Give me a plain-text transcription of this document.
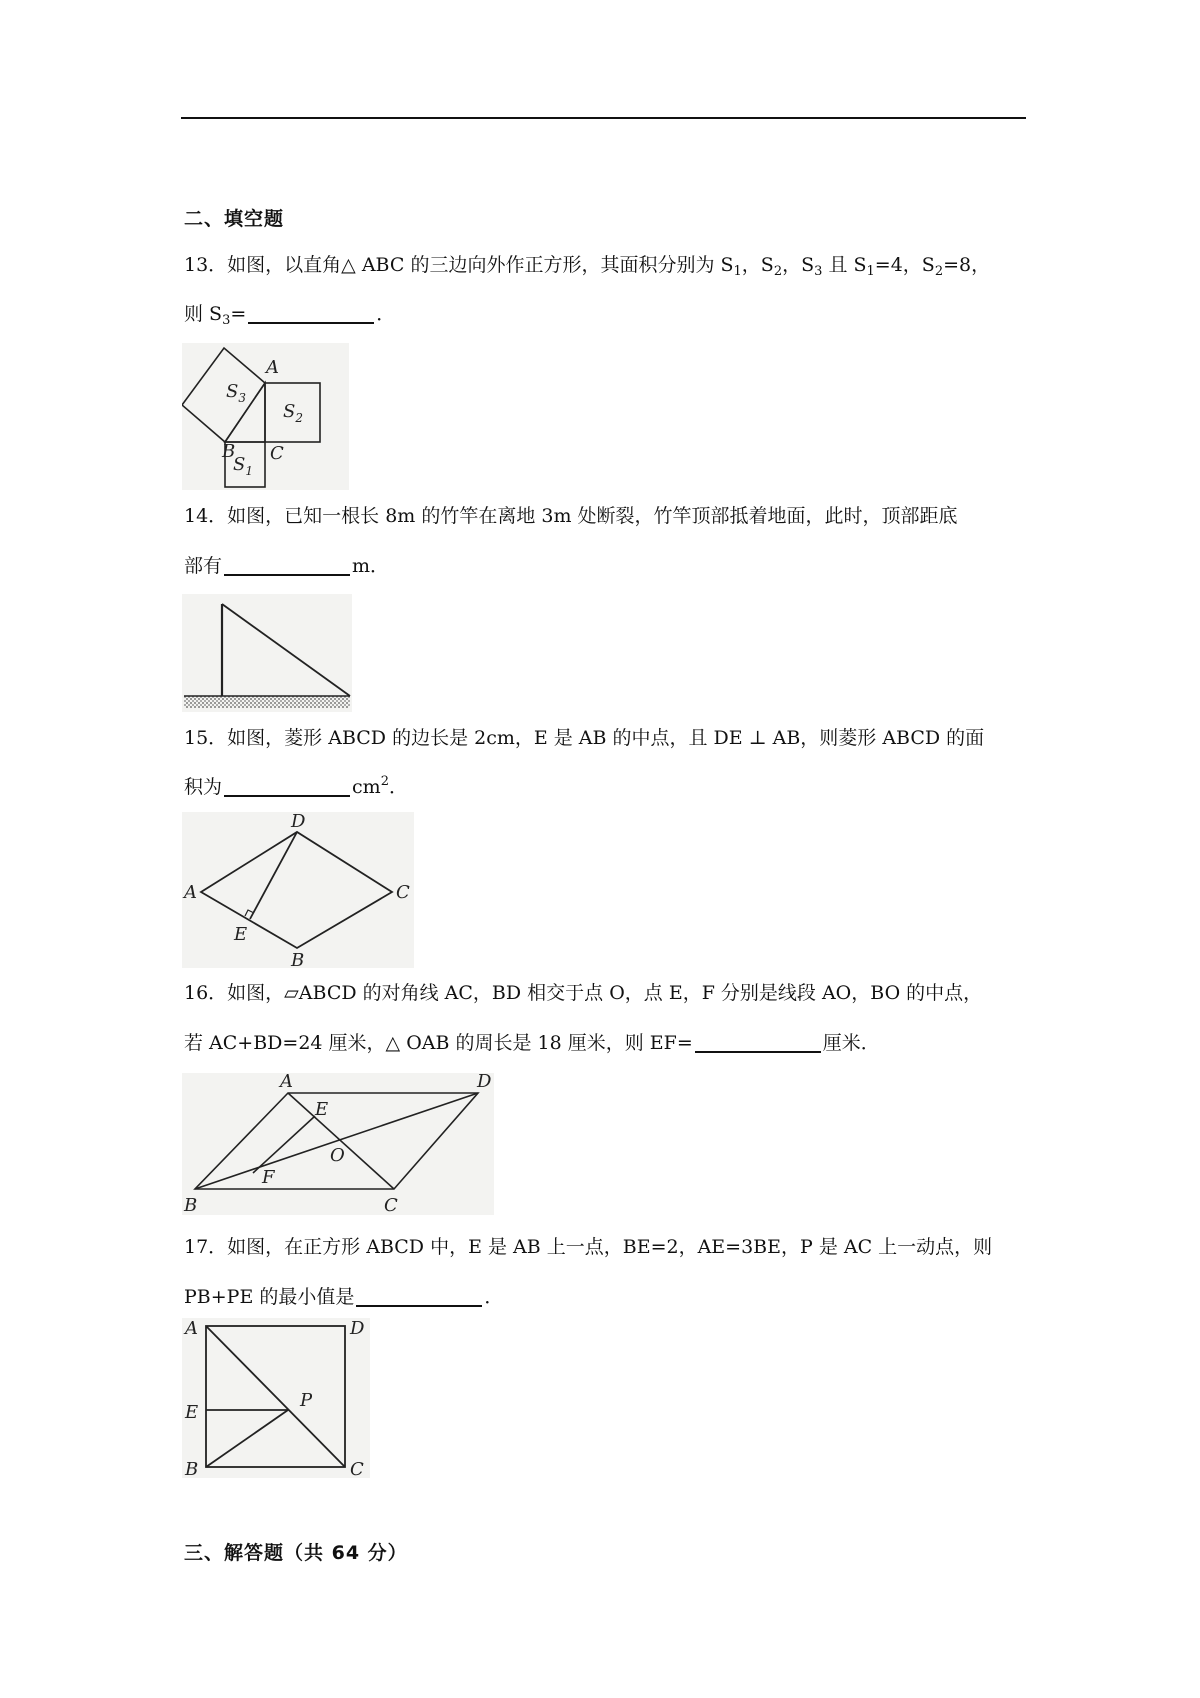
二、填空题
13．如图，以直角△ ABC 的三边向外作正方形，其面积分别为 $S_1$，$S_2$，$S_3$ 且 $S_1=4$，$S_2=8$，
则 $S_3=$	．
A
B C
$S_3$
$S_2$
$S_1$
14．如图，已知一根长 8m 的竹竿在离地 3m 处断裂，竹竿顶部抵着地面，此时，顶部距底
部有	m．
15．如图，菱形 ABCD 的边长是 2cm，E 是 AB 的中点，且 DE ⊥ AB，则菱形 ABCD 的面
积为	$cm^2$．
D
A	C
E
B
16．如图，▱ABCD 的对角线 AC，BD 相交于点 O，点 E，F 分别是线段 AO，BO 的中点，
若 AC+BD=24 厘米，△ OAB 的周长是 18 厘米，则 EF=	厘米．
A	D
E
O
F
B	C
17．如图，在正方形 ABCD 中，E 是 AB 上一点，BE=2，AE=3BE，P 是 AC 上一动点，则
PB+PE 的最小值是	．
A	D
E
P
B	C
三、解答题（共 64 分）
